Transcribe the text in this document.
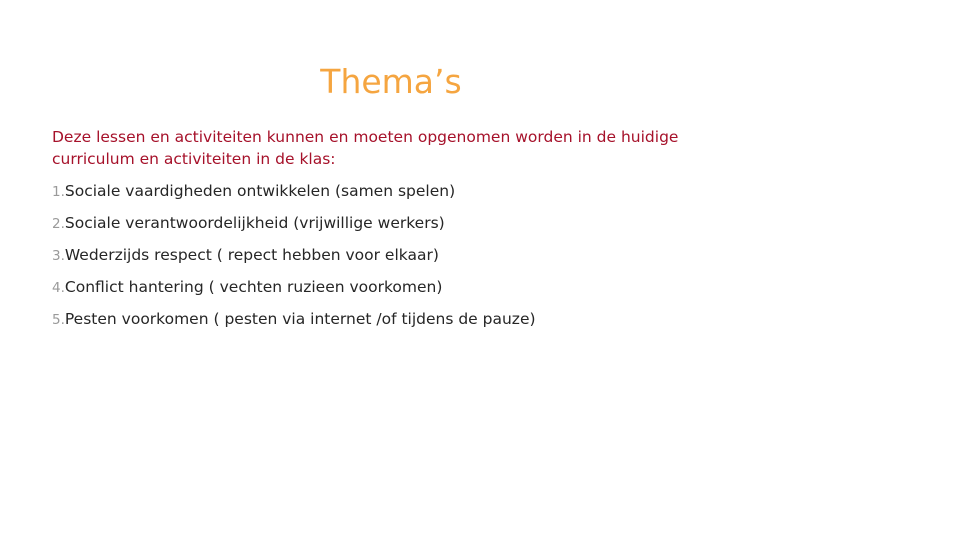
Thema’s

Deze lessen en activiteiten kunnen en moeten opgenomen worden in de huidige
curriculum en activiteiten in de klas:

1.Sociale vaardigheden ontwikkelen (samen spelen)
2.Sociale verantwoordelijkheid (vrijwillige werkers)
3.Wederzijds respect ( repect hebben voor elkaar)
4.Conflict hantering ( vechten ruzieen voorkomen)
5.Pesten voorkomen ( pesten via internet /of tijdens de pauze)
